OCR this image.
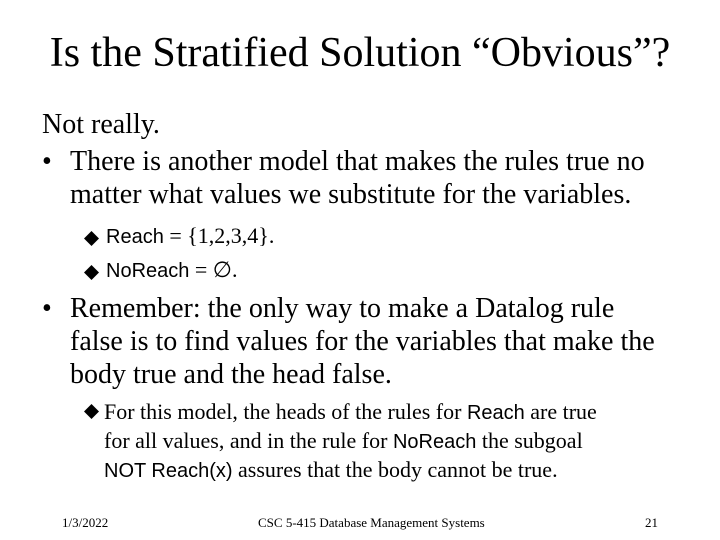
Is the Stratified Solution “Obvious”?
Not really.
• There is another model that makes the rules true no
matter what values we substitute for the variables.
Reach = {1,2,3,4}.
NoReach = ∅.
• Remember: the only way to make a Datalog rule
false is to find values for the variables that make the
body true and the head false.
For this model, the heads of the rules for Reach are true
for all values, and in the rule for NoReach the subgoal
NOT Reach(x) assures that the body cannot be true.
1/3/2022	CSC 5-415 Database Management Systems	21
